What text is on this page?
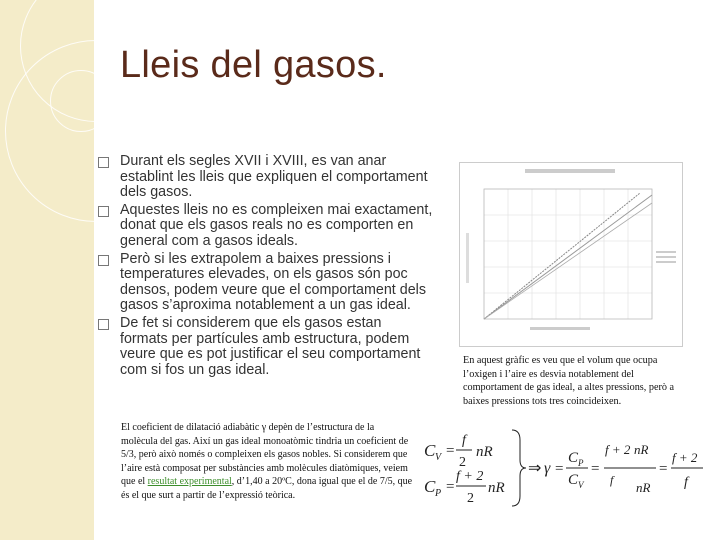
Lleis del gasos.
Durant els segles XVII i XVIII, es van anar establint les lleis que expliquen el comportament dels gasos.
Aquestes lleis no es compleixen mai exactament, donat que els gasos reals no es comporten en general com a gasos ideals.
Però si les extrapolem a baixes pressions i temperatures elevades, on els gasos són poc densos, podem veure que el comportament dels gasos s’aproxima notablement a un gas ideal.
De fet si considerem que els gasos estan formats per partícules amb estructura, podem veure que es pot justificar el seu comportament com si fos un gas ideal.
En aquest gràfic es veu que el volum que ocupa l’oxigen i l’aire es desvia notablement del comportament de gas ideal, a altes pressions, però a baixes pressions tots tres coincideixen.
El coeficient de dilatació adiabàtic γ depèn de l’estructura de la molècula del gas. Així un gas ideal monoatòmic tindria un coeficient de 5/3, però això només o compleixen els gasos nobles. Si considerem que l’aire està composat per substàncies amb molècules diatòmiques, veiem que el resultat experimental, d’1,40 a 20ºC, dona igual que el de 7/5, que és el que surt a partir de l’expressió teòrica.
C V =
f
2
nR
C P =
f + 2
2
nR
⇒ γ =
C P
C V
=
f + 2 nR
f nR
=
f + 2
f
